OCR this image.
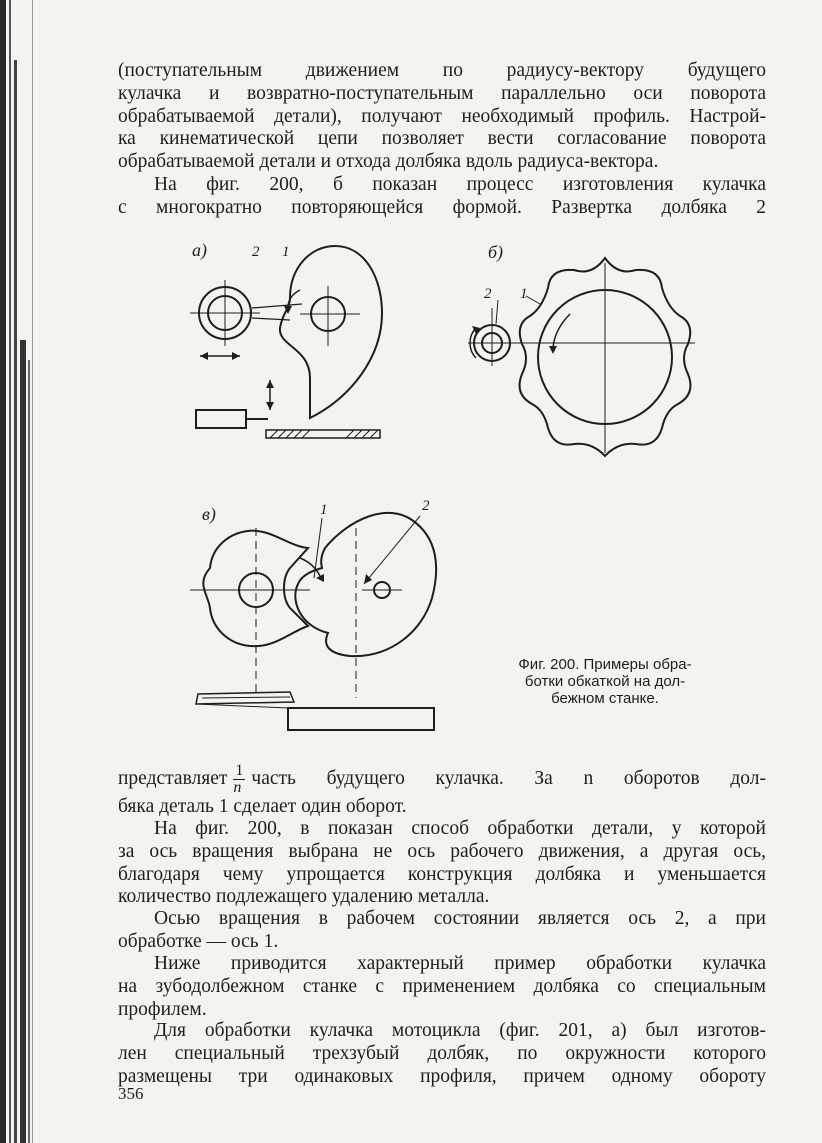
(поступательным движением по радиусу-вектору будущего
кулачка и возвратно-поступательным параллельно оси поворота
обрабатываемой детали), получают необходимый профиль. Настрой-
ка кинематической цепи позволяет вести согласование поворота
обрабатываемой детали и отхода долбяка вдоль радиуса-вектора.
На фиг. 200, б показан процесс изготовления кулачка
с многократно повторяющейся формой. Развертка долбяка 2
а)	2 1	б)
2 1
в)	1	2
Фиг. 200. Примеры обра-
ботки обкаткой на дол-
бежном станке.
представляет $\frac{1}{n}$ часть будущего кулачка. За n оборотов дол-
бяка деталь 1 сделает один оборот.
На фиг. 200, в показан способ обработки детали, у которой
за ось вращения выбрана не ось рабочего движения, а другая ось,
благодаря чему упрощается конструкция долбяка и уменьшается
количество подлежащего удалению металла.
Осью вращения в рабочем состоянии является ось 2, а при
обработке — ось 1.
Ниже приводится характерный пример обработки кулачка
на зубодолбежном станке с применением долбяка со специальным
профилем.
Для обработки кулачка мотоцикла (фиг. 201, а) был изготов-
лен специальный трехзубый долбяк, по окружности которого
размещены три одинаковых профиля, причем одному обороту
356
